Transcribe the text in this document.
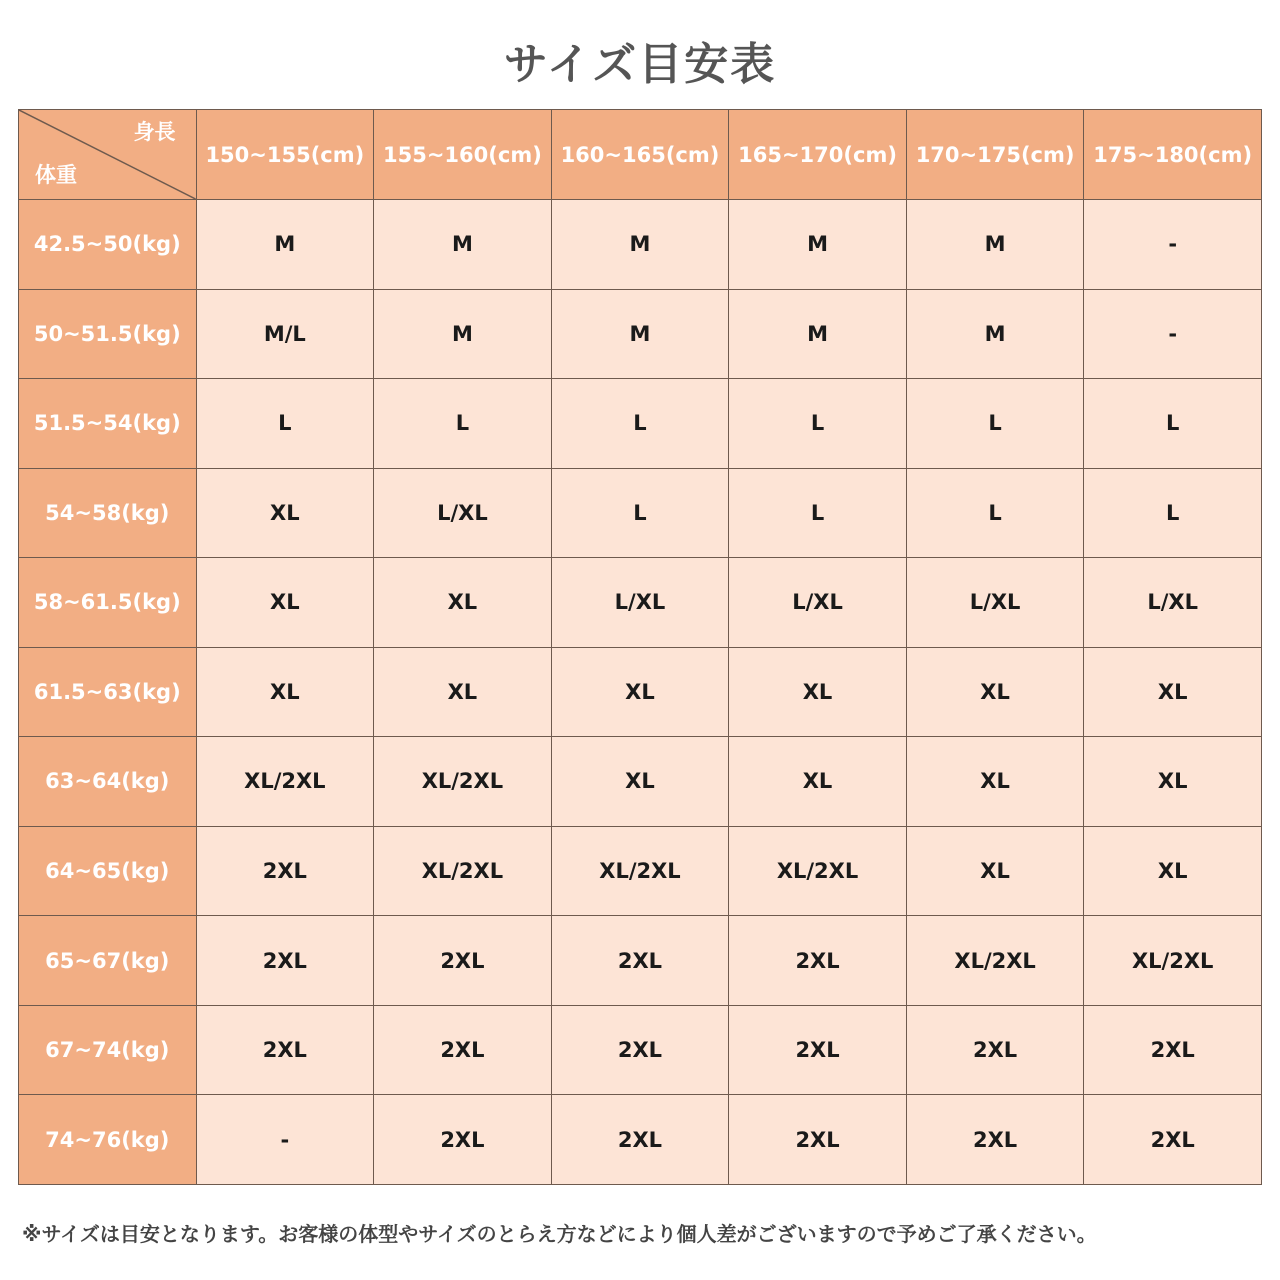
サイズ目安表
身長
体重	150~155(cm)	155~160(cm)	160~165(cm)	165~170(cm)	170~175(cm)	175~180(cm)
42.5~50(kg)	M	M	M	M	M	-
50~51.5(kg)	M/L	M	M	M	M	-
51.5~54(kg)	L	L	L	L	L	L
54~58(kg)	XL	L/XL	L	L	L	L
58~61.5(kg)	XL	XL	L/XL	L/XL	L/XL	L/XL
61.5~63(kg)	XL	XL	XL	XL	XL	XL
63~64(kg)	XL/2XL	XL/2XL	XL	XL	XL	XL
64~65(kg)	2XL	XL/2XL	XL/2XL	XL/2XL	XL	XL
65~67(kg)	2XL	2XL	2XL	2XL	XL/2XL	XL/2XL
67~74(kg)	2XL	2XL	2XL	2XL	2XL	2XL
74~76(kg)	-	2XL	2XL	2XL	2XL	2XL
※サイズは目安となります。お客様の体型やサイズのとらえ方などにより個人差がございますので予めご了承ください。
